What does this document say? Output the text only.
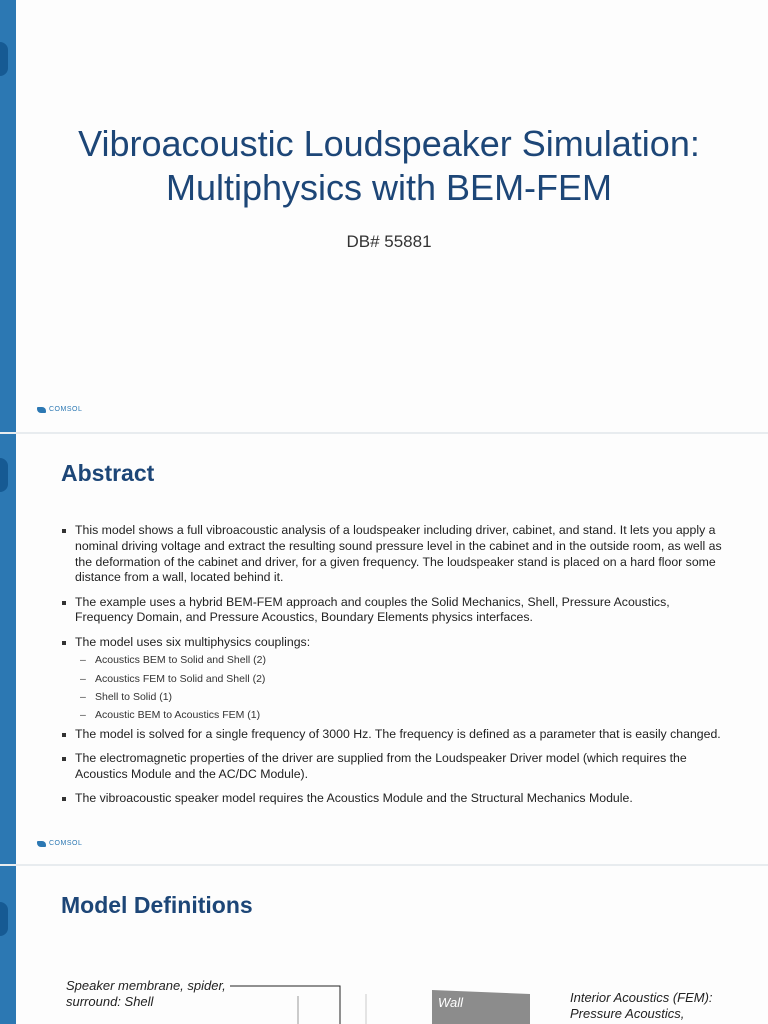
Vibroacoustic Loudspeaker Simulation:
Multiphysics with BEM-FEM
DB# 55881
COMSOL
Abstract
This model shows a full vibroacoustic analysis of a loudspeaker including driver, cabinet, and stand. It lets you apply a nominal driving voltage and extract the resulting sound pressure level in the cabinet and in the outside room, as well as the deformation of the cabinet and driver, for a given frequency. The loudspeaker stand is placed on a hard floor some distance from a wall, located behind it.
The example uses a hybrid BEM-FEM approach and couples the Solid Mechanics, Shell, Pressure Acoustics, Frequency Domain, and Pressure Acoustics, Boundary Elements physics interfaces.
The model uses six multiphysics couplings:
– Acoustics BEM to Solid and Shell (2)
– Acoustics FEM to Solid and Shell (2)
– Shell to Solid (1)
– Acoustic BEM to Acoustics FEM (1)
The model is solved for a single frequency of 3000 Hz. The frequency is defined as a parameter that is easily changed.
The electromagnetic properties of the driver are supplied from the Loudspeaker Driver model (which requires the Acoustics Module and the AC/DC Module).
The vibroacoustic speaker model requires the Acoustics Module and the Structural Mechanics Module.
COMSOL
Model Definitions
Speaker membrane, spider,
surround: Shell	Wall	Interior Acoustics (FEM):
Pressure Acoustics,
